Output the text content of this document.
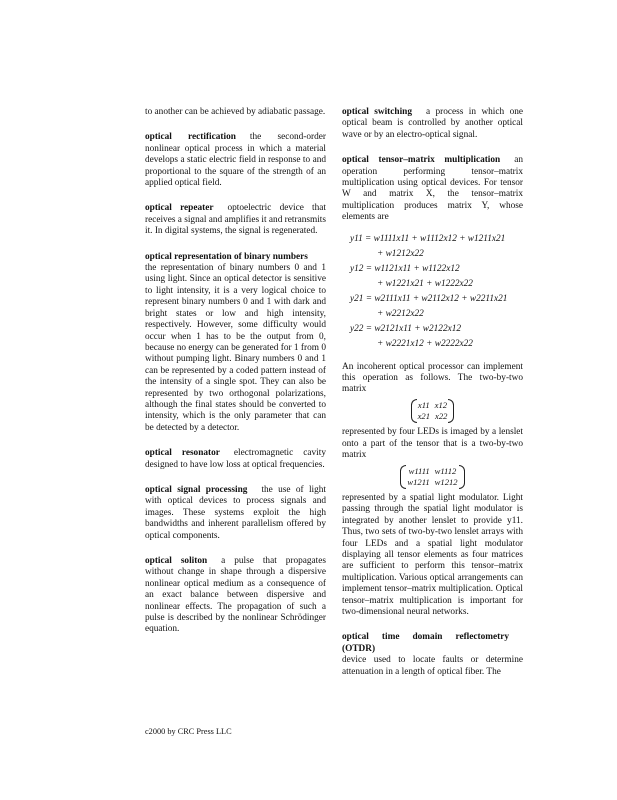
to another can be achieved by adiabatic passage.
optical rectification the second-order nonlinear optical process in which a material develops a static electric field in response to and proportional to the square of the strength of an applied optical field.
optical repeater optoelectric device that receives a signal and amplifies it and retransmits it. In digital systems, the signal is regenerated.
optical representation of binary numbers
the representation of binary numbers 0 and 1 using light. Since an optical detector is sensitive to light intensity, it is a very logical choice to represent binary numbers 0 and 1 with dark and bright states or low and high intensity, respectively. However, some difficulty would occur when 1 has to be the output from 0, because no energy can be generated for 1 from 0 without pumping light. Binary numbers 0 and 1 can be represented by a coded pattern instead of the intensity of a single spot. They can also be represented by two orthogonal polarizations, although the final states should be converted to intensity, which is the only parameter that can be detected by a detector.
optical resonator electromagnetic cavity designed to have low loss at optical frequencies.
optical signal processing the use of light with optical devices to process signals and images. These systems exploit the high bandwidths and inherent parallelism offered by optical components.
optical soliton a pulse that propagates without change in shape through a dispersive nonlinear optical medium as a consequence of an exact balance between dispersive and nonlinear effects. The propagation of such a pulse is described by the nonlinear Schrödinger equation.
optical switching a process in which one optical beam is controlled by another optical wave or by an electro-optical signal.
optical tensor–matrix multiplication an operation performing tensor–matrix multiplication using optical devices. For tensor W and matrix X, the tensor–matrix multiplication produces matrix Y, whose elements are
y11 = w1111x11 + w1112x12 + w1211x21
+ w1212x22
y12 = w1121x11 + w1122x12
+ w1221x21 + w1222x22
y21 = w2111x11 + w2112x12 + w2211x21
+ w2212x22
y22 = w2121x11 + w2122x12
+ w2221x12 + w2222x22
An incoherent optical processor can implement this operation as follows. The two-by-two matrix
x11 x12
x21 x22
represented by four LEDs is imaged by a lenslet onto a part of the tensor that is a two-by-two matrix
w1111 w1112
w1211 w1212
represented by a spatial light modulator. Light passing through the spatial light modulator is integrated by another lenslet to provide y11. Thus, two sets of two-by-two lenslet arrays with four LEDs and a spatial light modulator displaying all tensor elements as four matrices are sufficient to perform this tensor–matrix multiplication. Various optical arrangements can implement tensor–matrix multiplication. Optical tensor–matrix multiplication is important for two-dimensional neural networks.
optical time domain reflectometry (OTDR)
device used to locate faults or determine attenuation in a length of optical fiber. The
c2000 by CRC Press LLC
